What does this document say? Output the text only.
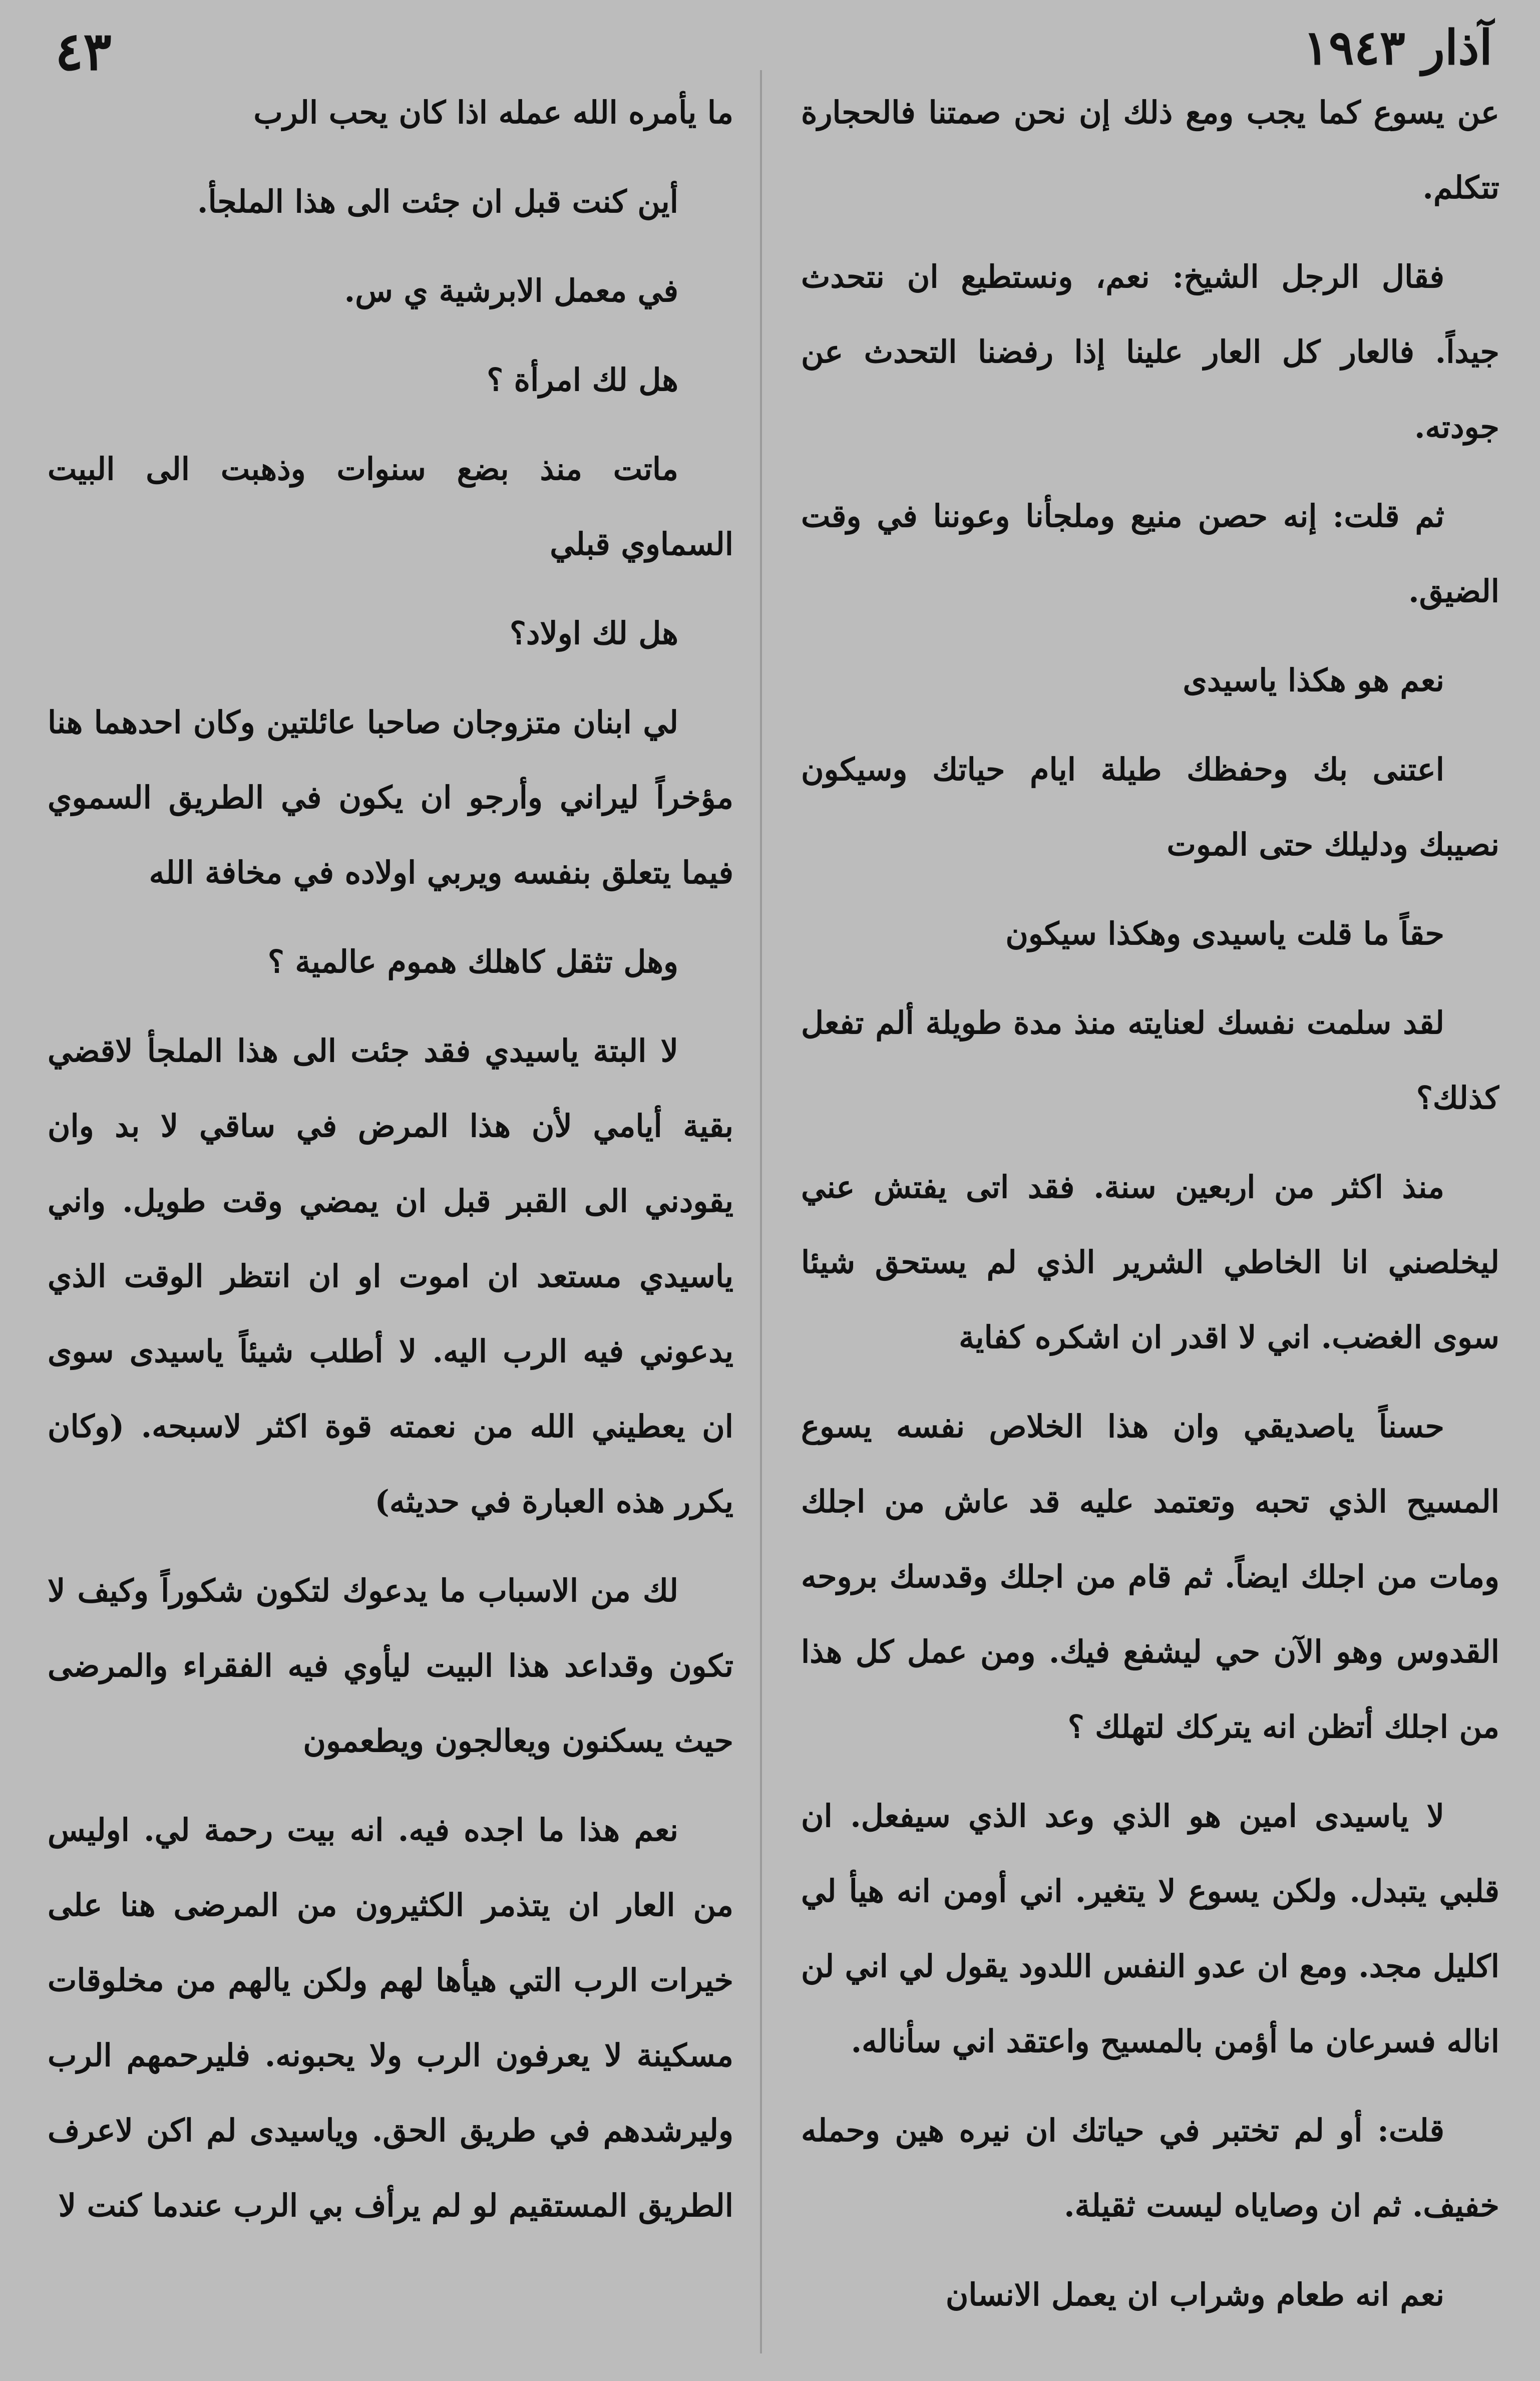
٤٣	آذار ١٩٤٣

عن يسوع كما يجب ومع ذلك إن نحن صمتنا فالحجارة تتكلم.

فقال الرجل الشيخ: نعم، ونستطيع ان نتحدث جيداً. فالعار كل العار علينا إذا رفضنا التحدث عن جودته.

ثم قلت: إنه حصن منيع وملجأنا وعوننا في وقت الضيق.

نعم هو هكذا ياسيدى

اعتنى بك وحفظك طيلة ايام حياتك وسيكون نصيبك ودليلك حتى الموت

حقاً ما قلت ياسيدى وهكذا سيكون

لقد سلمت نفسك لعنايته منذ مدة طويلة ألم تفعل كذلك؟

منذ اكثر من اربعين سنة. فقد اتى يفتش عني ليخلصني انا الخاطي الشرير الذي لم يستحق شيئا سوى الغضب. اني لا اقدر ان اشكره كفاية

حسناً ياصديقي وان هذا الخلاص نفسه يسوع المسيح الذي تحبه وتعتمد عليه قد عاش من اجلك ومات من اجلك ايضاً. ثم قام من اجلك وقدسك بروحه القدوس وهو الآن حي ليشفع فيك. ومن عمل كل هذا من اجلك أتظن انه يتركك لتهلك ؟

لا ياسيدى امين هو الذي وعد الذي سيفعل. ان قلبي يتبدل. ولكن يسوع لا يتغير. اني أومن انه هيأ لي اكليل مجد. ومع ان عدو النفس اللدود يقول لي اني لن اناله فسرعان ما أؤمن بالمسيح واعتقد اني سأناله.

قلت: أو لم تختبر في حياتك ان نيره هين وحمله خفيف. ثم ان وصاياه ليست ثقيلة.

نعم انه طعام وشراب ان يعمل الانسان

ما يأمره الله عمله اذا كان يحب الرب

أين كنت قبل ان جئت الى هذا الملجأ.

في معمل الابرشية ي س.

هل لك امرأة ؟

ماتت منذ بضع سنوات وذهبت الى البيت السماوي قبلي

هل لك اولاد؟

لي ابنان متزوجان صاحبا عائلتين وكان احدهما هنا مؤخراً ليراني وأرجو ان يكون في الطريق السموي فيما يتعلق بنفسه ويربي اولاده في مخافة الله

وهل تثقل كاهلك هموم عالمية ؟

لا البتة ياسيدي فقد جئت الى هذا الملجأ لاقضي بقية أيامي لأن هذا المرض في ساقي لا بد وان يقودني الى القبر قبل ان يمضي وقت طويل. واني ياسيدي مستعد ان اموت او ان انتظر الوقت الذي يدعوني فيه الرب اليه. لا أطلب شيئاً ياسيدى سوى ان يعطيني الله من نعمته قوة اكثر لاسبحه. (وكان يكرر هذه العبارة في حديثه)

لك من الاسباب ما يدعوك لتكون شكوراً وكيف لا تكون وقداعد هذا البيت ليأوي فيه الفقراء والمرضى حيث يسكنون ويعالجون ويطعمون

نعم هذا ما اجده فيه. انه بيت رحمة لي. اوليس من العار ان يتذمر الكثيرون من المرضى هنا على خيرات الرب التي هيأها لهم ولكن يالهم من مخلوقات مسكينة لا يعرفون الرب ولا يحبونه. فليرحمهم الرب وليرشدهم في طريق الحق. وياسيدى لم اكن لاعرف الطريق المستقيم لو لم يرأف بي الرب عندما كنت لا
